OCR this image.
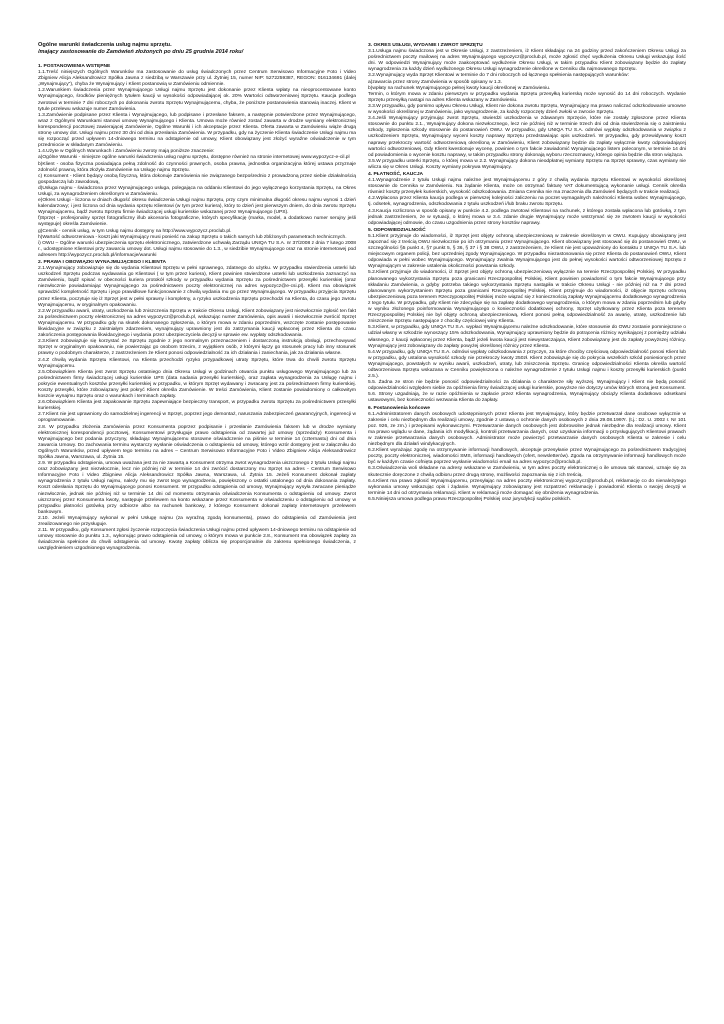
Ogólne warunki świadczenia usług najmu sprzętu.

/mający zastosowanie do Zamówień złożonych po dniu 25 grudnia 2014 roku/

1. POSTANOWIENIA WSTĘPNE

1.1.Treść niniejszych Ogólnych Warunków ma zastosowanie do usług świadczonych przez Centrum Serwisowo Informacyjne Foto i Video Zbigniew Alicja Aleksandrowicz Spółka Jawna z siedzibą w Warszawie przy ul. Żytniej 15, numer NIP: 5272259387, REGON: 016134691 (dalej „Wynajmujący"), chyba że Wynajmujący i Klient postanowią w Zamówieniu odmiennie.

1.2.Warunkiem świadczenia przez Wynajmującego Usługi najmu Sprzętu jest dokonanie przez Klienta wpłaty na nieoprocentowane konto Wynajmującego, środków pieniężnych tytułem kaucji w wysokości odpowiadającej ok. 20% Wartości odtworzeniowej Sprzętu. Kaucja podlega zwrotowi w terminie 7 dni roboczych po dokonaniu zwrotu Sprzętu Wynajmującemu, chyba, że poniższe postanowienia stanowią inaczej. Klient w tytule przelewu wskazuje numer Zamówienia.

1.3.Zamówienie podpisane przez Klienta i Wynajmującego, lub podpisane i przesłane faksem, a następnie potwierdzone przez Wynajmującego, wraz z Ogólnymi Warunkami stanowi umowę Wynajmującego i Klienta. Umowa może również zostać zawarta w drodze wymiany elektronicznej korespondencji pocztowej zawierającej Zamówienie, Ogólne Warunki i ich akceptacje przez Klienta. Oferta zawarta w Zamówieniu wiąże drugą stronę umowy dot. Usługi najmu przez 30 dni od dnia przesłania Zamówienia. W przypadku, gdy na życzenie Klienta świadczenie Usługi najmu ma się rozpocząć przed upływem 14-dniowego terminu na odstąpienie od umowy, Klient obowiązany jest złożyć wyraźne oświadczenie w tym przedmiocie w składanym Zamówieniu.

1.4.Użyte w Ogólnych Warunkach i Zamówieniu zwroty mają poniższe znaczenie:

a)Ogólne Warunki - niniejsze ogólne warunki świadczenia usług najmu sprzętu, dostępne również na stronie internetowej www.wypozycz-e-cil.pl

b)Klient - osoba fizyczna posiadająca pełną zdolność do czynności prawnych, osoba prawna, jednostka organizacyjna której ustawa przyznaje zdolność prawną, która złożyła Zamówienie na Usługę najmu Sprzętu.

c) Konsument - Klient będący osobą fizyczną, która dokonuje Zamówienia nie związanego bezpośrednio z prowadzoną przez siebie działalnością gospodarczą lub zawodową,

d)Usługa najmu - świadczona przez Wynajmującego usługa, polegająca na oddaniu Klientowi do jego wyłącznego korzystania Sprzętu, na Okres Usługi, za wynagrodzeniem określonym w Zamówieniu.

e)Okres Usługi - liczona w dniach długość okresu świadczenia Usługi najmu Sprzętu, przy czym minimalna długość okresu najmu wynosi 1 dzień kalendarzowy; i jest liczona od dnia wydania sprzętu Klientowi (w tym przez kuriera), który to dzień jest pierwszym dniem, do dnia zwrotu Sprzętu Wynajmującemu, bądź zwrotu Sprzętu firmie świadczącej usługi kurierskie wskazanej przez Wynajmującego (UPS).

f)Sprzęt - profesjonalny sprzęt fotograficzny i/lub akcesoria fotograficzne, których specyfikację (marka, model, a dodatkowo numer serujny jeśli występuje) określa Zamówienie.

g)Cennik - cennik usług, w tym Usług najmu dostępny na http://www.wypozycz.proclub.pl.

h)Wartość odtworzeniowa - koszt jaki Wynajmujący musi ponieść na zakup Sprzętu o takich samych lub zbliżonych parametrach technicznych.

i) OWU – Ogólne warunki ubezpieczenia sprzętu elektronicznego, zatwierdzone uchwałą Zarządu UNIQA TU S.A. nr 37/2008 z dnia 7 lutego 2008 r., udostępnione Klientowi przy zawarciu umowy dot. Usługi najmu stosownie do 1.3., w siedzibie Wynajmującego oraz na stronie internetowej pod adresem http://wypozycz.proclub.pl/informacje/warunki

2. PRAWA I OBOWIĄZKI WYNAJMUJĄCEGO I KLIENTA

2.1.Wynajmujący zobowiązuje się do wydania Klientowi Sprzętu w pełni sprawnego, zdatnego do użytku. W przypadku stwierdzenia usterki lub uszkodzeń Sprzętu podczas wydawania go Klientowi ( w tym przez kuriera), Klient powinien stwierdzone usterki lub uszkodzenia zaznaczyć na Zamówieniu, bądź spisać w obecności kuriera protokół szkody w przypadku wydania Sprzętu za pośrednictwem przesyłki kurierskiej (oraz niezwłocznie powiadamiając Wynajmującego za pośrednictwem poczty elektronicznej na adres wypozycz@e-csi.pl). Klient ma obowiązek sprawdzić kompletność Sprzętu i jego prawidłowe funkcjonowanie z chwilą wydania mu go przez Wynajmującego. W przypadku przyjęcia Sprzętu przez Klienta, poczytuje się iż Sprzęt jest w pełni sprawny i kompletny, a ryzyko uszkodzenia Sprzętu przechodzi na Klienta, do czasu jego zwrotu Wynajmującemu, w oryginalnym opakowaniu.

2.2.W przypadku awarii, utraty, uszkodzenia lub zniszczenia Sprzętu w trakcie Okresu Usługi, Klient zobowiązany jest niezwłocznie zgłosić ten fakt za pośrednictwem poczty elektronicznej na adres wypozycz@proclub.pl, wskazując numer Zamówienia, opis awarii i niezwłocznie zwrócić Sprzęt Wynajmującemu. W przypadku gdy na skutek dokonanego zgłoszenia, o którym mowa w zdaniu poprzednim, wszczęte zostanie postępowanie likwidacyjne w związku z zaistniałym zdarzeniem, wynajmujący uprawniony jest do zatrzymania kaucji wpłaconej przez Klienta do czasu zakończenia postępowania likwidacyjnego i wydania przez ubezpieczyciela decyzji w sprawie ew. wypłaty odszkodowania.

2.3.Klient zobowiązuje się korzystać ze Sprzętu zgodnie z jego normalnym przeznaczeniem i dostarczoną instrukcją obsługi, przechowywać Sprzęt w oryginalnym opakowaniu, nie powierzając go osobom trzecim, z wyjątkiem osób, z którymi łączy go stosunek pracy lub inny stosunek prawny o podobnym charakterze, z zastrzeżeniem że Klient ponosi odpowiedzialność za ich działania i zaniechania, jak za działania własne.

2.4.Z chwilą wydania Sprzętu Klientowi, na Klienta przechodzi ryzyko przypadkowej utraty Sprzętu, które trwa do chwili zwrotu Sprzętu Wynajmującemu.

2.5.Obowiązkiem Klienta jest zwrot Sprzętu ostatniego dnia Okresu Usługi w godzinach otwarcia punktu usługowego Wynajmującego lub za pośrednictwem firmy świadczącej usługi kurierskie UPS (data nadania przesyłki kurierskiej), oraz zapłata wynagrodzenia za Usługę najmu i pokrycie ewentualnych kosztów przesyłki kurierskiej w przypadku, w którym Sprzęt wydawany i zwracany jest za pośrednictwem firmy kurierskiej. Koszty przesyłki, które zobowiązany jest pokryć Klient określa Zamówienie. W treści Zamówienia, Klient zostanie powiadomiony o całkowitym koszcie wynajmu Sprzętu oraz o warunkach i terminach zapłaty.

2.6.Obowiązkiem Klienta jest zapakowanie Sprzętu zapewniające bezpieczny transport, w przypadku zwrotu Sprzętu za pośrednictwem przesyłki kurierskiej.

2.7.Klient nie jest uprawniony do samodzielnej ingerencji w Sprzęt, poprzez jego demontaż, naruszania zabezpieczeń gwarancyjnych, ingerencji w oprogramowanie.

2.8. W przypadku złożenia Zamówienia przez Konsumenta poprzez podpisanie i przesłanie Zamówienia faksem lub w drodze wymiany elektronicznej korespondencji pocztowej, Konsumentowi przysługuje prawo odstąpienia od zawartej już umowy (sprzedaży) Konsumenta i Wynajmującego bez podania przyczyny, składając Wynajmującemu stosowne oświadczenie na piśmie w terminie 14 (czternastu) dni od dnia zawarcia Umowy. Do zachowania terminu wystarczy wysłanie oświadczenia o odstąpieniu od umowy, którego wzór dostępny jest w załączniku do Ogólnych Warunków, przed upływem tego terminu na adres – Centrum Serwisowo Informacyjne Foto i Video Zbigniew Alicja Aleksandrowicz Spółka Jawna, Warszawa, ul. Żytnia 15.

2.9. W przypadku odstąpienia, umowa uważana jest za nie zawartą a Konsument otrzyma zwrot wynagrodzenia uiszczonego z tytułu Usługi najmu oraz zobowiązany jest niezwłocznie, lecz nie później niż w terminie 14 dni zwrócić dostarczony mu Sprzęt na adres - Centrum Serwisowo Informacyjne Foto i Video Zbigniew Alicja Aleksandrowicz Spółka Jawna, Warszawa, ul. Żytnia 15. Jeżeli Konsument dokonał zapłaty wynagrodzenia z tytułu Usługi najmu, należy mu się zwrot tego wynagrodzenia, powiększony o ostatki ustalonego od dnia dokonania zapłaty. Koszt odesłania Sprzętu do Wynajmującego ponosi Konsument. W przypadku odstąpienia od umowy, Wynajmujący wysyła zwracane pieniądze niezwłocznie, jednak nie później niż w terminie 14 dni od momentu otrzymania oświadczenia Konsumenta o odstąpieniu od umowy. Zwrot uiszczonej przez Konsumenta kwoty, następuje przelewem na konto wskazane przez Konsumenta w oświadczeniu o odstąpieniu od umowy w przypadku płatności gotówką przy odbiorze albo na rachunek bankowy, z którego Konsument dokonał zapłaty internetowym przelewem bankowym.

2.10. Jeżeli Wynajmujący wykonał w pełni Usługę najmu (za wyraźną zgodą konsumenta), prawo do odstąpienia od Zamówienia jest zrealizowanego nie przysługuje.

2.11. W przypadku, gdy Konsument zgłosi życzenie rozpoczęcia świadczenia Usługi najmu przed upływem 14-dniowego terminu na odstąpienie od umowy stosownie do punktu 1.3., wykonując prawo odstąpienia od umowy, o którym mowa w punkcie 2.8., Konsument ma obowiązek zapłaty za świadczenia spełnione do chwili odstąpienia od umowy. Kwotę zapłaty oblicza się proporcjonalnie do zakresu spełnionego świadczenia, z uwzględnieniem uzgodnionego wynagrodzenia.

3. OKRES USŁUGI, WYDANIE I ZWROT SPRZĘTU

3.1.Usługa najmu świadczona jest w Okresie Usługi, z zastrzeżeniem, iż Klient składając na 24 godziny przed zakończeniem Okresu Usługi za pośrednictwem poczty mailowej na adres Wynajmującego wypozycz@proclub.pl, może zgłosić chęć wydłużenia Okresu Usługi wskazując ilość dni. W odpowiedzi Wynajmujący może zaakceptować wydłużenie Okresu Usługi, w takim przypadku Klient zobowiązany będzie do zapłaty wynagrodzenia za każdy dzień wydłużonego Okresu Usługi wynagrodzenie określone w Cenniku dla najmowanego Sprzętu.

3.2.Wynajmujący wyda Sprzęt Klientowi w terminie do 7 dni roboczych od łącznego spełnienia następujących warunków:

a)zawarcia przez strony Zamówienia w sposób opisany w 1.3.

b)wpłaty na rachunek Wynajmującego pełnej kwoty kaucji określonej w Zamówieniu.

Termin, o którym mowa w zdaniu pierwszym w przypadku wydania Sprzętu przesyłką kurierską może wynosić do 14 dni roboczych. Wydanie Sprzętu przesyłką nastąpi na adres Klienta wskazany w Zamówieniu.

3.3.W przypadku, gdy pomimo upływu Okresu Usługi, Klient nie dokona zwrotu Sprzętu, Wynajmujący ma prawo naliczać odszkodowanie umowne w wysokości określonej w Zamówieniu, jako wynagrodzenie, za każdy rozpoczęty dzień zwłoki w zwrocie Sprzętu.

3.4.Jeśli Wynajmujący przyjmując zwrot Sprzętu, stwierdzi uszkodzenia w zdawanym Sprzęcie, które nie zostały zgłoszone przez Klienta stosownie do punktu 2.1., Wynajmujący dokona niezwłocznego, lecz nie później niż w terminie trzech dni od dnia stwierdzenia się o zaistnieniu szkody, zgłoszenia szkody stosownie do postanowień OWU. W przypadku, gdy UNIQA TU S.A. odmówi wypłaty odszkodowania w związku z uszkodzeniem Sprzętu, Wynajmujący wyceni koszty naprawy Sprzętu przedstawiając opis uszkodzeń. W przypadku, gdy przewidywany koszt naprawy przekroczy wartość odtworzeniową określoną w Zamówieniu, Klient zobowiązany będzie do zapłaty wyłącznie kwoty odpowiadającej wartości odtworzeniowej. Gdy Klient kwestionuje wycenę, powinien o tym fakcie zawiadomić Wynajmującego listem poleconym, w terminie 14 dni od powiadomienia o wycenie kosztu naprawy, w takim przypadku strony dokonają wyboru rzeczoznawcy, którego opinia będzie dla stron wiążąca.

3.5.W przypadku usterki Sprzętu, o której mowa w 2.2. Wynajmujący dokona nieodpłatnej wymiany Sprzętu na Sprzęt sprawny, czas wymiany nie wlicza się w Okres Usługi. Koszty wymiany pokrywa Wynajmujący.

4. PŁATNOŚĆ, KAUCJA

4.1.Wynagrodzenie z tytułu Usługi najmu należne jest Wynajmującemu z góry z chwilą wydania Sprzętu Klientowi w wysokości określonej stosownie do Cennika w Zamówieniu. Na żądanie Klienta, może on otrzymać fakturę VAT dokumentującą wykonanie usługi. Cennik określa również koszty przesyłek kurierskich, wysokość odszkodowania. Zmiana Cennika nie ma znaczenia dla Zamówień będących w trakcie realizacji.

4.2.Wpłacona przez Klienta kaucja podlega w pierwszej kolejności zaliczeniu na poczet wymagalnych należności Klienta wobec Wynajmującego, tj. odsetek, wynagrodzenia, odszkodowania z tytułu uszkodzeń i/lub braku zwrotu Sprzętu.

4.3.Kaucja rozliczona w sposób opisany w punkcie 4.2. podlega zwrotowi Klientowi na rachunek, z którego została wpłacona lub gotówką, z tym jednak zastrzeżeniem, że w sytuacji, o której mowa w 3.4. zdanie drugie Wynajmujący może wstrzymać się ze zwrotem kaucji w wysokości odpowiadającej odmowie, do czasu uzgodnienia przez strony kosztów naprawy.

5. ODPOWIEDZIALNOŚĆ

5.1.Klient przyjmuje do wiadomości, iż Sprzęt jest objęty ochroną ubezpieczeniową w zakresie określonym w OWU. Kupujący obowiązany jest zapoznać się z treścią OWU niezwłocznie po ich otrzymaniu przez Wynajmującego. Klient obowiązany jest stosować się do postanowień OWU, w szczególności §5 punkt 4, §7 punkt 5, § 36, § 37 i § 38 OWU, z zastrzeżeniem, że Klient nie jest upoważniony do kontaktu z UNIQA TU S.A. lub miejscowym organem policji, bez uprzedniej zgody Wynajmującego. W przypadku niezastosowania się przez Klienta do postanowień OWU, Klient odpowiada w pełni wobec Wynajmującego. Wynajmujący zwalnia Wynajmującego jest do pełnej wysokości wartości odtworzeniowej Sprzętu z Wynajmującym w zakresie ustalenia okoliczności powstania szkody.

5.2.Klient przyjmuje do wiadomości, iż Sprzęt jest objęty ochroną ubezpieczeniową wyłącznie na terenie Rzeczpospolitej Polskiej. W przypadku planowanego wykorzystania Sprzętu poza granicami Rzeczpospolitej Polskiej, Klient powinien powiadomić o tym fakcie Wynajmującego przy składaniu Zamówienia, a gdyby potrzeba takiego wykorzystania Sprzętu nastąpiła w trakcie Okresu Usługi - nie później niż na 7 dni przed planowanym wykorzystaniem Sprzętu poza granicami Rzeczpospolitej Polskiej. Klient przyjmuje do wiadomości, iż objęcie Sprzętu ochroną ubezpieczeniową poza terenem Rzeczypospolitej Polskiej może wiązać się z koniecznością zapłaty Wynajmującemu dodatkowego wynagrodzenia z tego tytułu. W przypadku, gdy Klient nie zdecyduje się na zapłatę dodatkowego wynagrodzenia, o którym mowa w zdaniu poprzednim lub gdyby w wyniku złożonego poinformowania Wynajmującego o konieczności dodatkowej ochrony, Sprzęt użytkowany przez Klienta poza terenem Rzeczypospolitej Polskiej nie był objęty ochroną ubezpieczeniową, Klient ponosi pełną odpowiedzialność za awarię, utratę, uszkodzenie lub zniszczenie Sprzętu następujące z chociby częściowej winy Klienta.

5.3.Klient, w przypadku, gdy UNIQA TU S.A. wypłaci Wynajmującemu należne odszkodowanie, które stosownie do OWU zostanie pomniejszone o udział własny w szkodzie wynoszący 15% odszkodowania, Wynajmujący uprawniony będzie do potrącenia różnicy wynikającej z pomiędzy udziału własnego, z kaucji wpłaconej przez Klienta, bądź jeżeli kwota kaucji jest niewystarczająca, Klient zobowiązany jest do zapłaty powyższej różnicy. Wynajmujący jest zobowiązany do zapłaty powyżej określonej różnicy przez Klienta.

5.4.W przypadku, gdy UNIQA TU S.A. odmówi wypłaty odszkodowania z przyczyn, za które chociby częściową odpowiedzialność ponosi Klient lub w przypadku, gdy ustalona wysokość szkody nie przekroczy kwoty 250zł. Klient zobowiązuje się do pokrycia wszelkich szkód poniesionych przez Wynajmującego, powstałych w wyniku awarii, uszkodzeń, utraty, lub zniszczenia Sprzętu. Granicę odpowiedzialności Klienta określa wartość odtworzeniowa Sprzętu wskazana w Cenniku powiększona o należne wynagrodzenie z tytułu Usługi najmu i koszty przesyłki kurierskich (punkt 2.5.).

5.5. Żadna ze stron nie będzie ponosić odpowiedzialności za działania o charakterze siły wyższej. Wynajmujący i Klient nie będą ponosić odpowiedzialności względem siebie za opóźnienia firmy świadczącej usługi kurierskie, powyższe nie dotyczy umów których stroną jest Konsument.

5.6. Strony uzgadniają, że w razie opóźnienia w zapłacie przez Klienta wynagrodzenia, Wynajmujący obciąży Klienta dodatkowo odsetkami ustawowymi, bez konieczności wezwania Klienta do zapłaty.

6. Postanowienia końcowe

6.1.Administratorem danych osobowych udostępnionych przez Klienta jest Wynajmujący, który będzie przetwarzał dane osobowe wyłącznie w zakresie i celu niezbędnym dla realizacji umowy, zgodnie z ustawą o ochronie danych osobowych z dnia 29.08.1997r. (t.j.: Dz. U. 2002 r. Nr 101 poz. 926, ze zm.) i przepisami wykonawczymi. Przetwarzanie danych osobowych jest dobrowolne jednak niezbędne dla realizacji umowy. Klient ma prawo wglądu w dane, żądania ich modyfikacji, kontroli przetwarzania danych, oraz uzyskania informacji o przysługujących Klientowi prawach w zakresie przetwarzania danych osobowych. Administrator może powierzyć przetwarzanie danych osobowych Klienta w zakresie i celu niezbędnym dla działań windykacyjnych.

6.2.Klient wyrażając zgodę na otrzymywanie informacji handlowych, akceptuje przesyłanie przez Wynajmującego za pośrednictwem tradycyjnej poczty, poczty elektronicznej, wiadomości SMS, informacji handlowych (ofert, newsletterów). Zgoda na otrzymywanie informacji handlowych może być w każdym czasie cofnięta poprzez wysłanie wiadomości email na adres wypozycz@proclub.pl.

6.3.Oświadczenia woli składane na adresy wskazane w Zamówieniu, w tym adres poczty elektronicznej o ile umowa tak stanowi, uznaje się za skutecznie doręczone z chwilą odbioru przez drugą stronę, możliwości zapoznania się z ich treścią.

6.4.Klient ma prawo zgłosić Wynajmującemu, przesyłając na adres poczty elektronicznej wypozycz@proclub.pl, reklamację co do nienależytego wykonania umowy wskazując opis i żądanie. Wynajmujący zobowiązany jest rozpatrzeć reklamację i powiadomić Klienta o swojej decyzji w terminie 14 dni od otrzymania reklamacji. Klient w reklamacji może domagać się obniżenia wynagrodzenia.

6.5.Niniejsza umowa podlega prawu Rzeczpospolitej Polskiej oraz jurysdykcji sądów polskich.
